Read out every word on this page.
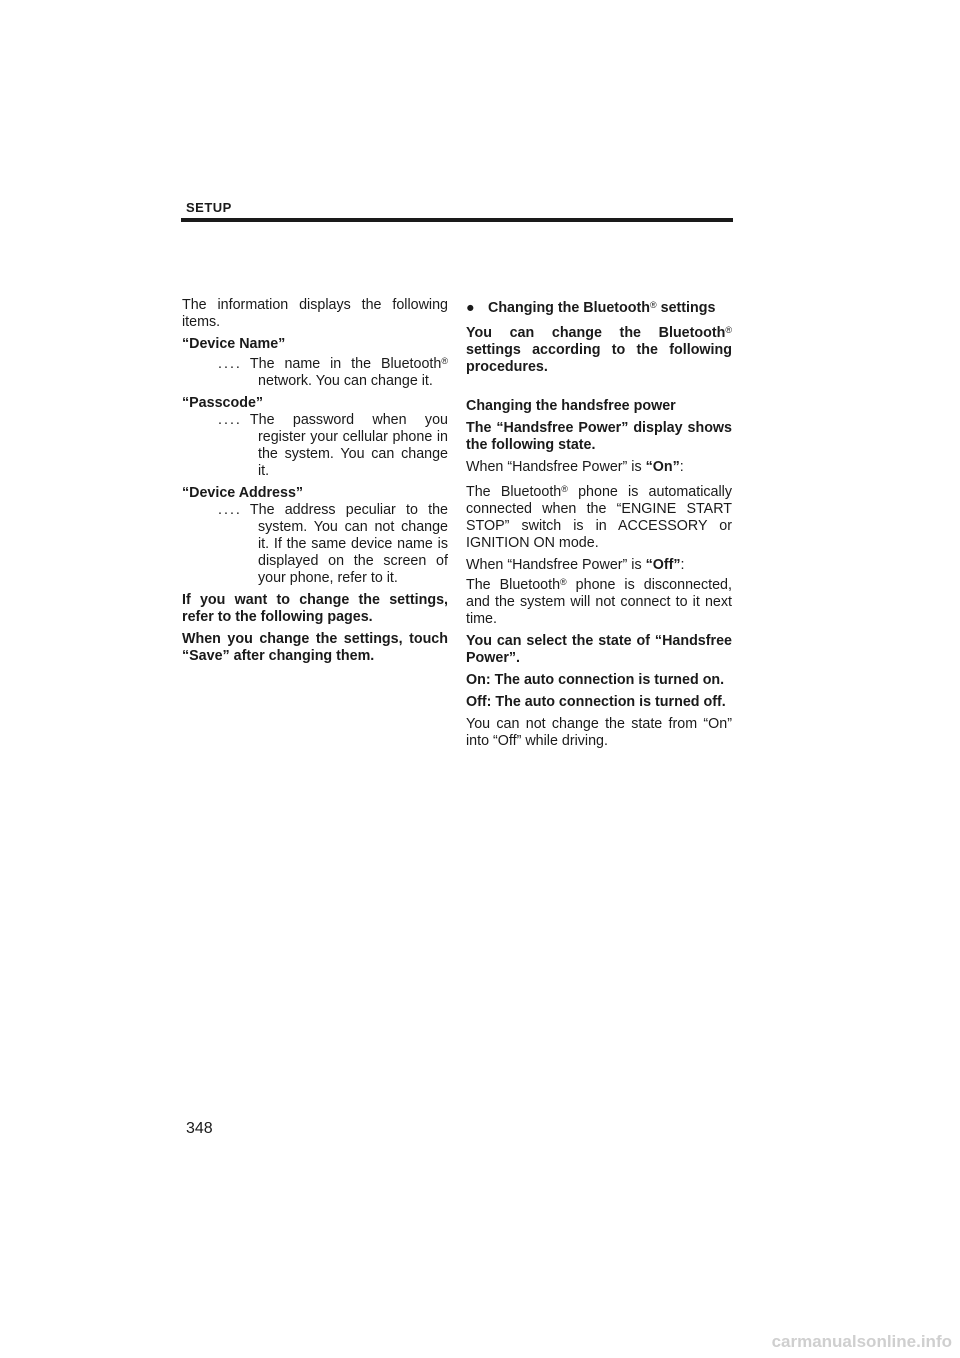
SETUP

The information displays the following items.

“Device Name”

.... The name in the Bluetooth® network. You can change it.

“Passcode”

.... The password when you register your cellular phone in the system. You can change it.

“Device Address”

.... The address peculiar to the system. You can not change it. If the same device name is displayed on the screen of your phone, refer to it.

If you want to change the settings, refer to the following pages.

When you change the settings, touch “Save” after changing them.

● Changing the Bluetooth® settings

You can change the Bluetooth® settings according to the following procedures.

Changing the handsfree power

The “Handsfree Power” display shows the following state.

When “Handsfree Power” is “On”:

The Bluetooth® phone is automatically connected when the “ENGINE START STOP” switch is in ACCESSORY or IGNITION ON mode.

When “Handsfree Power” is “Off”:

The Bluetooth® phone is disconnected, and the system will not connect to it next time.

You can select the state of “Handsfree Power”.

On: The auto connection is turned on.

Off: The auto connection is turned off.

You can not change the state from “On” into “Off” while driving.

348
carmanualsonline.info
